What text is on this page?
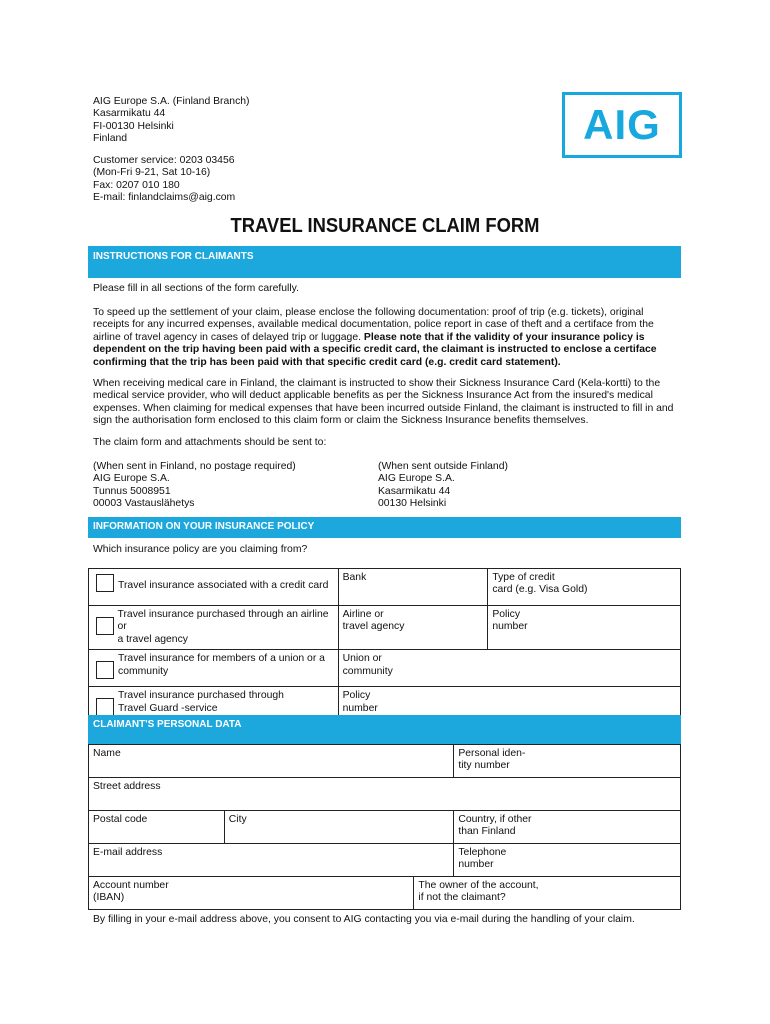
AIG Europe S.A. (Finland Branch)
Kasarmikatu 44
FI-00130 Helsinki
Finland
Customer service: 0203 03456
(Mon-Fri 9-21, Sat 10-16)
Fax: 0207 010 180
E-mail: finlandclaims@aig.com
AIG
TRAVEL INSURANCE CLAIM FORM
INSTRUCTIONS FOR CLAIMANTS
Please fill in all sections of the form carefully.
To speed up the settlement of your claim, please enclose the following documentation: proof of trip (e.g. tickets), original receipts for any incurred expenses, available medical documentation, police report in case of theft and a certiface from the airline of travel agency in cases of delayed trip or luggage. Please note that if the validity of your insurance policy is dependent on the trip having been paid with a specific credit card, the claimant is instructed to enclose a certiface confirming that the trip has been paid with that specific credit card (e.g. credit card statement).
When receiving medical care in Finland, the claimant is instructed to show their Sickness Insurance Card (Kela-kortti) to the medical service provider, who will deduct applicable benefits as per the Sickness Insurance Act from the insured's medical expenses. When claiming for medical expenses that have been incurred outside Finland, the claimant is instructed to fill in and sign the authorisation form enclosed to this claim form or claim the Sickness Insurance benefits themselves.
The claim form and attachments should be sent to:
(When sent in Finland, no postage required)
AIG Europe S.A.
Tunnus 5008951
00003 Vastauslähetys
(When sent outside Finland)
AIG Europe S.A.
Kasarmikatu 44
00130 Helsinki
INFORMATION ON YOUR INSURANCE POLICY
Which insurance policy are you claiming from?
Travel insurance associated with a credit card	Bank	Type of credit
card (e.g. Visa Gold)

Travel insurance purchased through an airline or
a travel agency	Airline or
travel agency	Policy
number

Travel insurance for members of a union or a
community	Union or
community	

Travel insurance purchased through
Travel Guard -service	Policy
number	
CLAIMANT'S PERSONAL DATA
Name			Personal iden-
tity number
Street address			
Postal code	City		Country, if other
than Finland
E-mail address			Telephone
number
Account number
(IBAN)		The owner of the account,
if not the claimant?	
By filling in your e-mail address above, you consent to AIG contacting you via e-mail during the handling of your claim.
